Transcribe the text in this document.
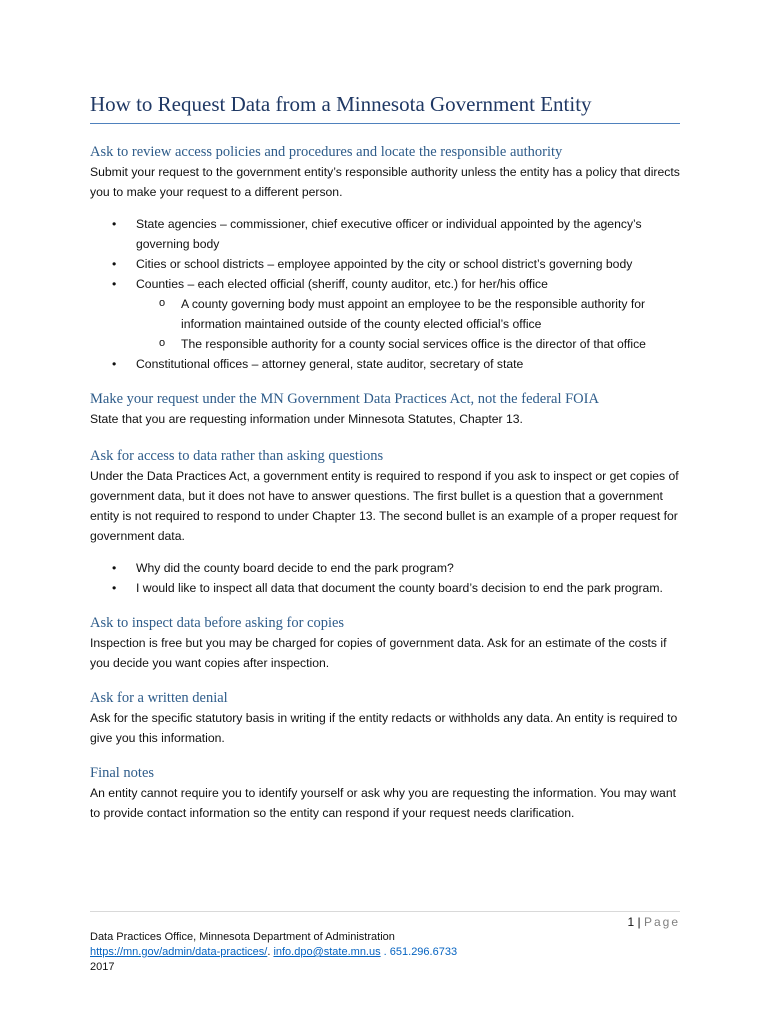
How to Request Data from a Minnesota Government Entity
Ask to review access policies and procedures and locate the responsible authority

Submit your request to the government entity’s responsible authority unless the entity has a policy that directs you to make your request to a different person.

• State agencies – commissioner, chief executive officer or individual appointed by the agency’s governing body
• Cities or school districts – employee appointed by the city or school district’s governing body
• Counties – each elected official (sheriff, county auditor, etc.) for her/his office
o A county governing body must appoint an employee to be the responsible authority for information maintained outside of the county elected official’s office
o The responsible authority for a county social services office is the director of that office
• Constitutional offices – attorney general, state auditor, secretary of state
Make your request under the MN Government Data Practices Act, not the federal FOIA

State that you are requesting information under Minnesota Statutes, Chapter 13.

Ask for access to data rather than asking questions

Under the Data Practices Act, a government entity is required to respond if you ask to inspect or get copies of government data, but it does not have to answer questions. The first bullet is a question that a government entity is not required to respond to under Chapter 13. The second bullet is an example of a proper request for government data.

• Why did the county board decide to end the park program?
• I would like to inspect all data that document the county board’s decision to end the park program.
Ask to inspect data before asking for copies

Inspection is free but you may be charged for copies of government data. Ask for an estimate of the costs if you decide you want copies after inspection.

Ask for a written denial

Ask for the specific statutory basis in writing if the entity redacts or withholds any data. An entity is required to give you this information.

Final notes

An entity cannot require you to identify yourself or ask why you are requesting the information. You may want to provide contact information so the entity can respond if your request needs clarification.

1 | Page
Data Practices Office, Minnesota Department of Administration
https://mn.gov/admin/data-practices/. info.dpo@state.mn.us . 651.296.6733
2017
